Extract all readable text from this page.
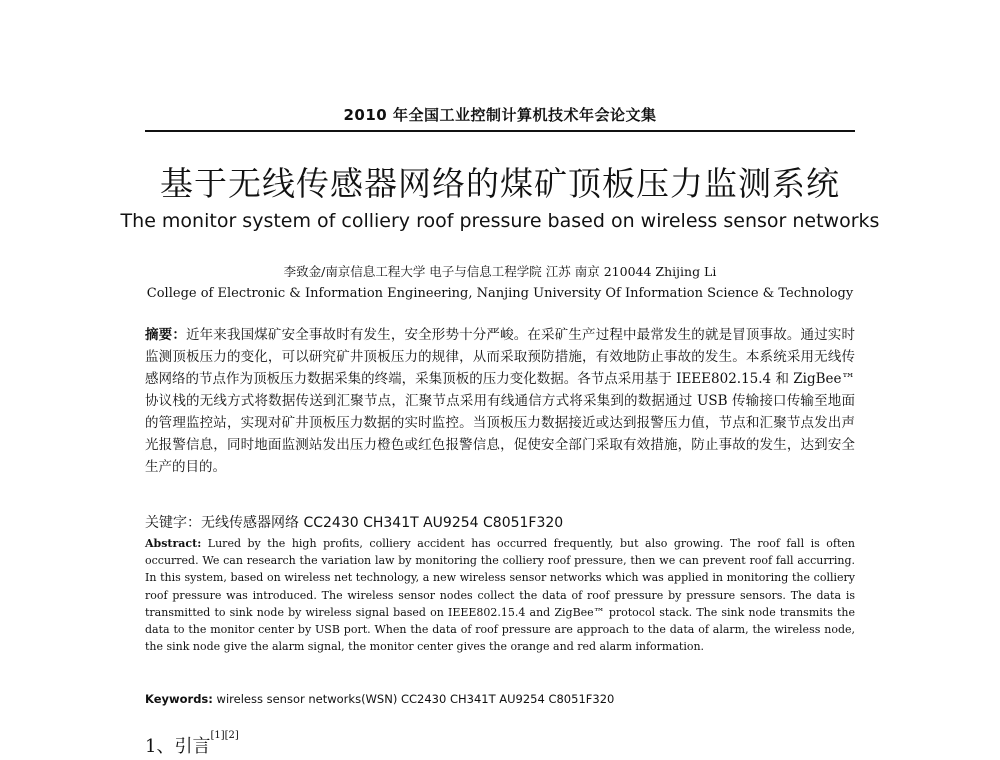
2010 年全国工业控制计算机技术年会论文集
基于无线传感器网络的煤矿顶板压力监测系统
The monitor system of colliery roof pressure based on wireless sensor networks
李致金/南京信息工程大学 电子与信息工程学院 江苏 南京 210044 Zhijing Li
College of Electronic & Information Engineering, Nanjing University Of Information Science & Technology
摘要：近年来我国煤矿安全事故时有发生，安全形势十分严峻。在采矿生产过程中最常发生的就是冒顶事故。通过实时监测顶板压力的变化，可以研究矿井顶板压力的规律，从而采取预防措施，有效地防止事故的发生。本系统采用无线传感网络的节点作为顶板压力数据采集的终端，采集顶板的压力变化数据。各节点采用基于 IEEE802.15.4 和 ZigBee™ 协议栈的无线方式将数据传送到汇聚节点，汇聚节点采用有线通信方式将采集到的数据通过 USB 传输接口传输至地面的管理监控站，实现对矿井顶板压力数据的实时监控。当顶板压力数据接近或达到报警压力值，节点和汇聚节点发出声光报警信息，同时地面监测站发出压力橙色或红色报警信息，促使安全部门采取有效措施，防止事故的发生，达到安全生产的目的。
关键字：无线传感器网络 CC2430 CH341T AU9254 C8051F320
Abstract: Lured by the high profits, colliery accident has occurred frequently, but also growing. The roof fall is often occurred. We can research the variation law by monitoring the colliery roof pressure, then we can prevent roof fall accurring. In this system, based on wireless net technology, a new wireless sensor networks which was applied in monitoring the colliery roof pressure was introduced. The wireless sensor nodes collect the data of roof pressure by pressure sensors. The data is transmitted to sink node by wireless signal based on IEEE802.15.4 and ZigBee™ protocol stack. The sink node transmits the data to the monitor center by USB port. When the data of roof pressure are approach to the data of alarm, the wireless node, the sink node give the alarm signal, the monitor center gives the orange and red alarm information.
Keywords: wireless sensor networks(WSN) CC2430 CH341T AU9254 C8051F320
1、引言[1][2]
